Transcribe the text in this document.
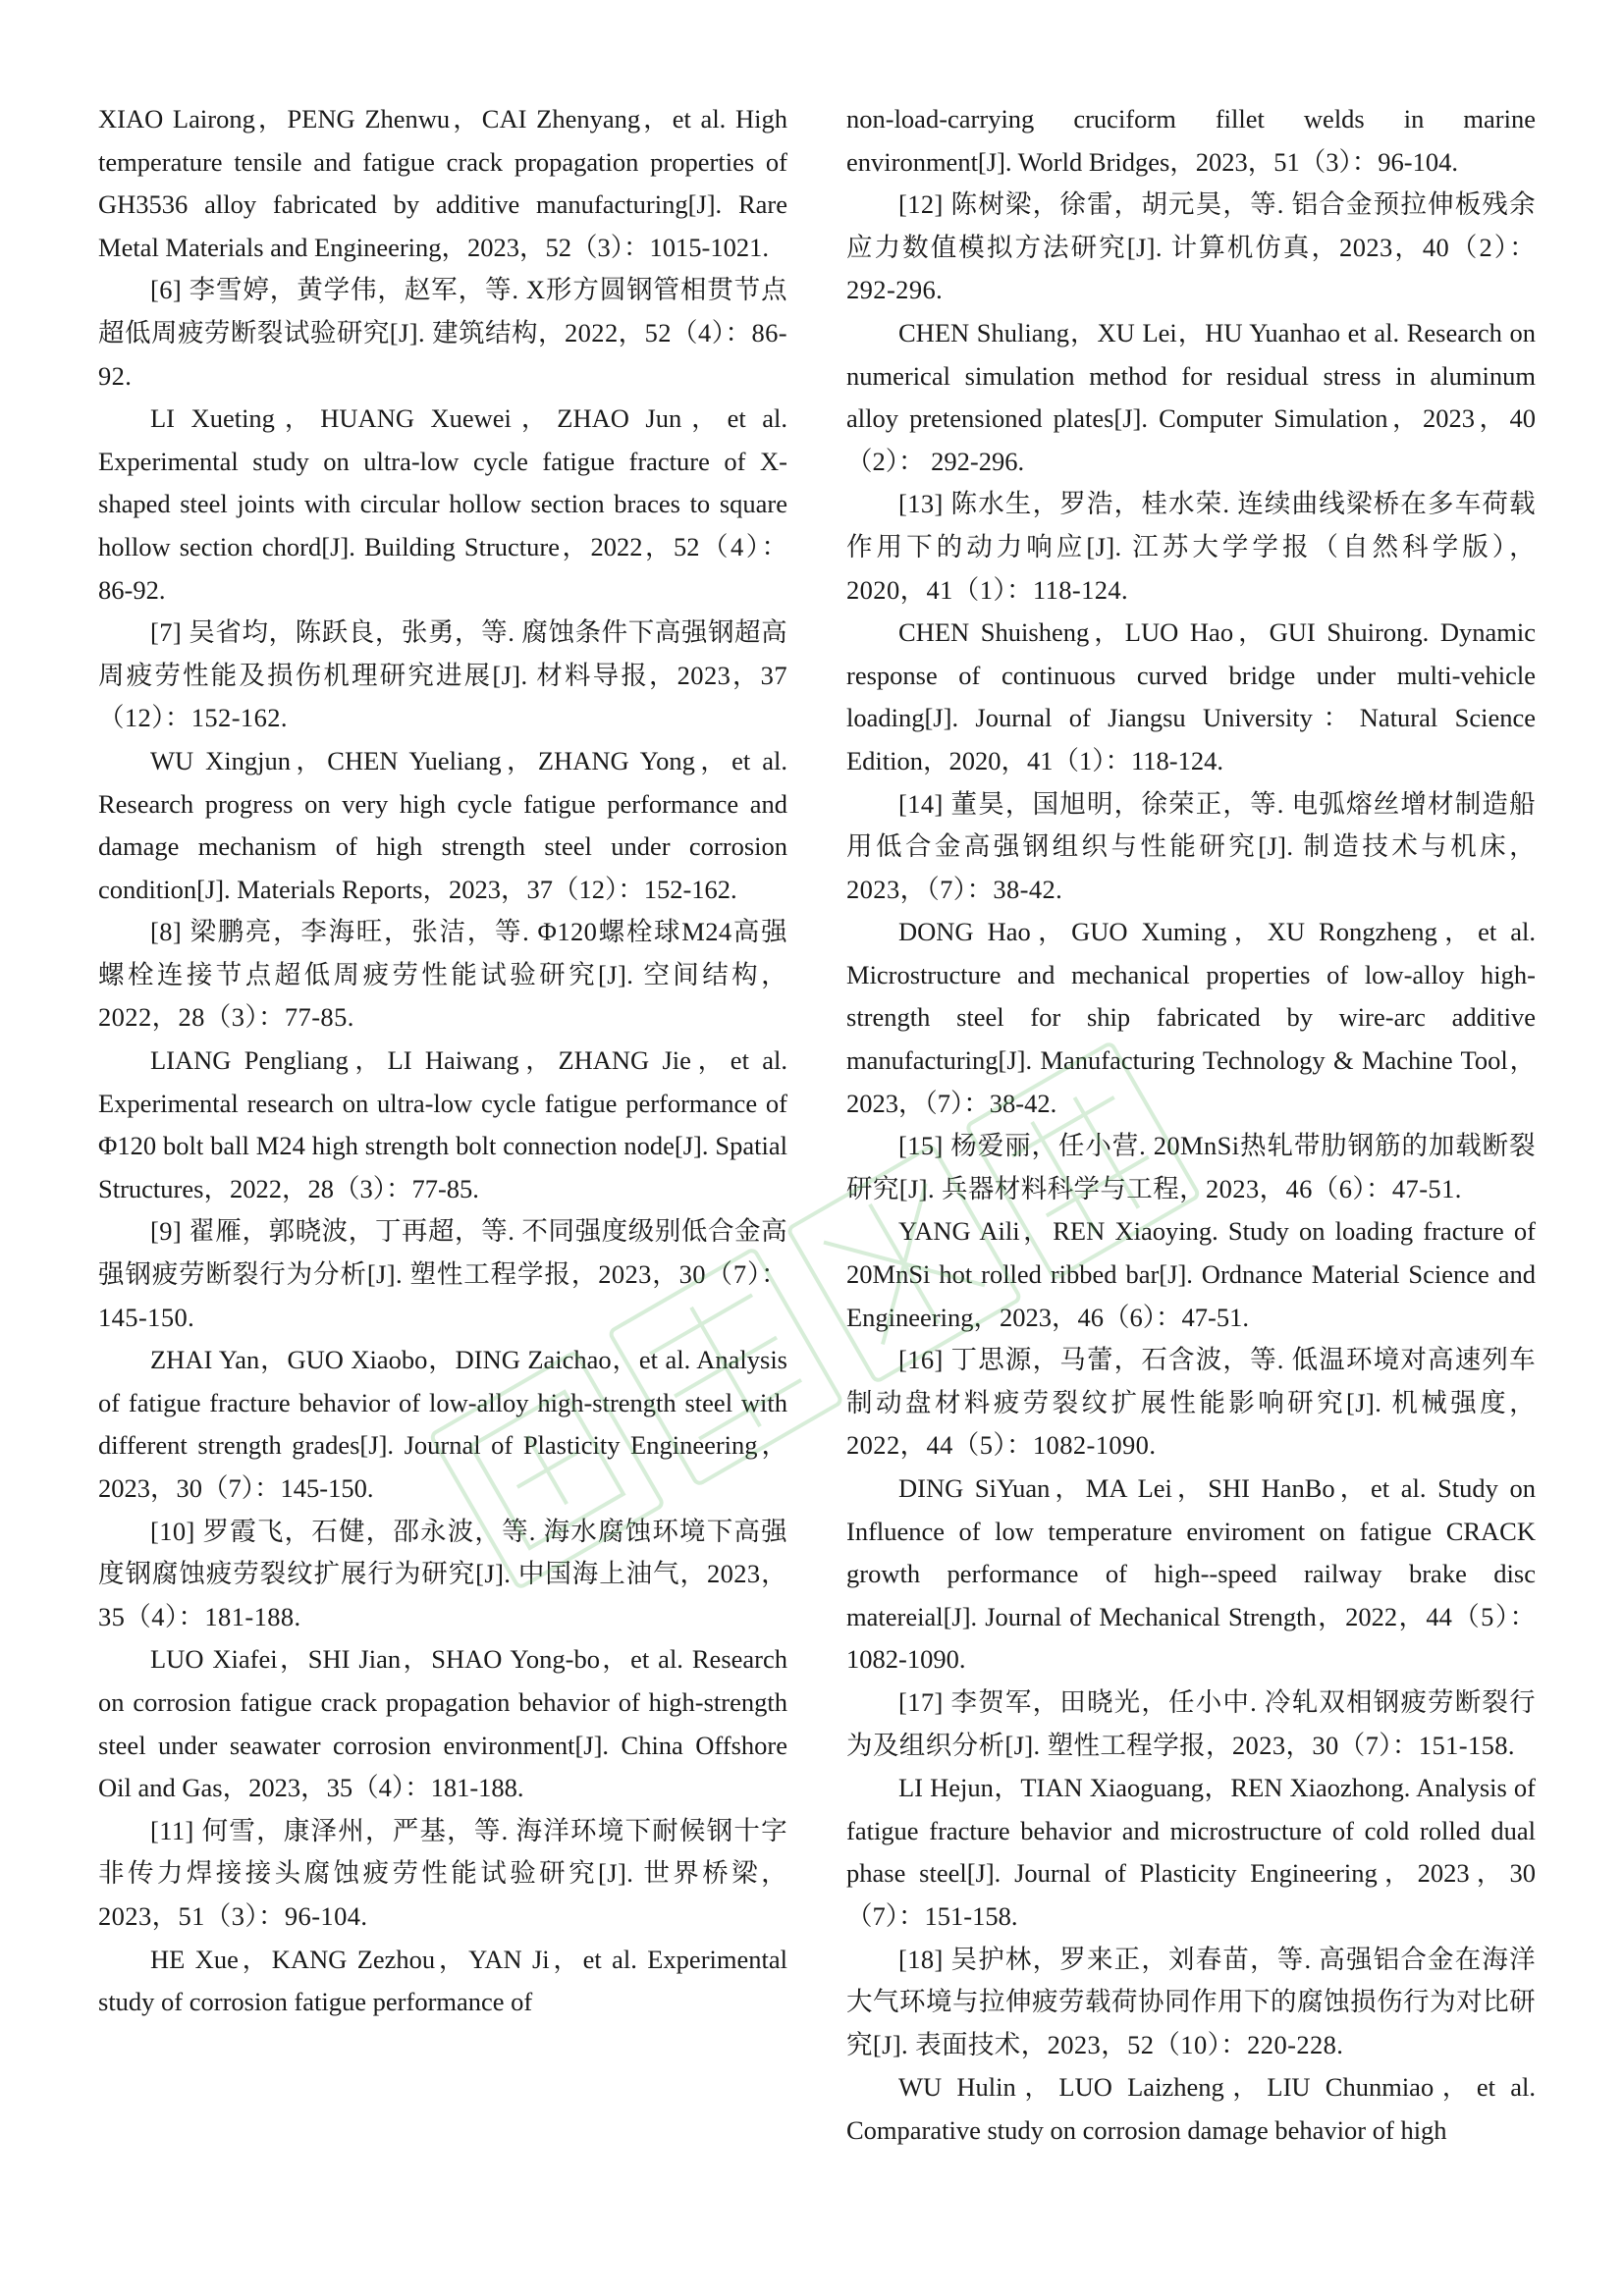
XIAO Lairong，PENG Zhenwu，CAI Zhenyang，et al. High temperature tensile and fatigue crack propagation properties of GH3536 alloy fabricated by additive manufacturing[J]. Rare Metal Materials and Engineering，2023，52（3）：1015-1021.

[6] 李雪婷，黄学伟，赵军，等. X形方圆钢管相贯节点超低周疲劳断裂试验研究[J]. 建筑结构，2022，52（4）：86-92.

LI Xueting，HUANG Xuewei，ZHAO Jun，et al. Experimental study on ultra-low cycle fatigue fracture of X-shaped steel joints with circular hollow section braces to square hollow section chord[J]. Building Structure，2022，52（4）：86-92.

[7] 吴省均，陈跃良，张勇，等. 腐蚀条件下高强钢超高周疲劳性能及损伤机理研究进展[J]. 材料导报，2023，37（12）：152-162.

WU Xingjun，CHEN Yueliang，ZHANG Yong，et al. Research progress on very high cycle fatigue performance and damage mechanism of high strength steel under corrosion condition[J]. Materials Reports，2023，37（12）：152-162.

[8] 梁鹏亮，李海旺，张洁，等. Φ120螺栓球M24高强螺栓连接节点超低周疲劳性能试验研究[J]. 空间结构，2022，28（3）：77-85.

LIANG Pengliang，LI Haiwang，ZHANG Jie，et al. Experimental research on ultra-low cycle fatigue performance of Φ120 bolt ball M24 high strength bolt connection node[J]. Spatial Structures，2022，28（3）：77-85.

[9] 翟雁，郭晓波，丁再超，等. 不同强度级别低合金高强钢疲劳断裂行为分析[J]. 塑性工程学报，2023，30（7）：145-150.

ZHAI Yan，GUO Xiaobo，DING Zaichao，et al. Analysis of fatigue fracture behavior of low-alloy high-strength steel with different strength grades[J]. Journal of Plasticity Engineering，2023，30（7）：145-150.

[10] 罗霞飞，石健，邵永波，等. 海水腐蚀环境下高强度钢腐蚀疲劳裂纹扩展行为研究[J]. 中国海上油气，2023，35（4）：181-188.

LUO Xiafei，SHI Jian，SHAO Yong-bo，et al. Research on corrosion fatigue crack propagation behavior of high-strength steel under seawater corrosion environment[J]. China Offshore Oil and Gas，2023，35（4）：181-188.

[11] 何雪，康泽州，严基，等. 海洋环境下耐候钢十字非传力焊接接头腐蚀疲劳性能试验研究[J]. 世界桥梁，2023，51（3）：96-104.

HE Xue，KANG Zezhou，YAN Ji，et al. Experimental study of corrosion fatigue performance of

non-load-carrying cruciform fillet welds in marine environment[J]. World Bridges，2023，51（3）：96-104.

[12] 陈树梁，徐雷，胡元昊，等. 铝合金预拉伸板残余应力数值模拟方法研究[J]. 计算机仿真，2023，40（2）：292-296.

CHEN Shuliang，XU Lei，HU Yuanhao et al. Research on numerical simulation method for residual stress in aluminum alloy pretensioned plates[J]. Computer Simulation，2023，40（2）： 292-296.

[13] 陈水生，罗浩，桂水荣. 连续曲线梁桥在多车荷载作用下的动力响应[J]. 江苏大学学报（自然科学版），2020，41（1）：118-124.

CHEN Shuisheng，LUO Hao，GUI Shuirong. Dynamic response of continuous curved bridge under multi-vehicle loading[J]. Journal of Jiangsu University：Natural Science Edition，2020，41（1）：118-124.

[14] 董昊，国旭明，徐荣正，等. 电弧熔丝增材制造船用低合金高强钢组织与性能研究[J]. 制造技术与机床，2023，（7）：38-42.

DONG Hao，GUO Xuming，XU Rongzheng，et al. Microstructure and mechanical properties of low-alloy high-strength steel for ship fabricated by wire-arc additive manufacturing[J]. Manufacturing Technology & Machine Tool，2023，（7）：38-42.

[15] 杨爱丽，任小营. 20MnSi热轧带肋钢筋的加载断裂研究[J]. 兵器材料科学与工程，2023，46（6）：47-51.

YANG Aili，REN Xiaoying. Study on loading fracture of 20MnSi hot rolled ribbed bar[J]. Ordnance Material Science and Engineering，2023，46（6）：47-51.

[16] 丁思源，马蕾，石含波，等. 低温环境对高速列车制动盘材料疲劳裂纹扩展性能影响研究[J]. 机械强度，2022，44（5）：1082-1090.

DING SiYuan，MA Lei，SHI HanBo，et al. Study on Influence of low temperature enviroment on fatigue CRACK growth performance of high--speed railway brake disc matereial[J]. Journal of Mechanical Strength，2022，44（5）：1082-1090.

[17] 李贺军，田晓光，任小中. 冷轧双相钢疲劳断裂行为及组织分析[J]. 塑性工程学报，2023，30（7）：151-158.

LI Hejun，TIAN Xiaoguang，REN Xiaozhong. Analysis of fatigue fracture behavior and microstructure of cold rolled dual phase steel[J]. Journal of Plasticity Engineering，2023，30（7）：151-158.

[18] 吴护林，罗来正，刘春苗，等. 高强铝合金在海洋大气环境与拉伸疲劳载荷协同作用下的腐蚀损伤行为对比研究[J]. 表面技术，2023，52（10）：220-228.

WU Hulin，LUO Laizheng，LIU Chunmiao，et al. Comparative study on corrosion damage behavior of high
